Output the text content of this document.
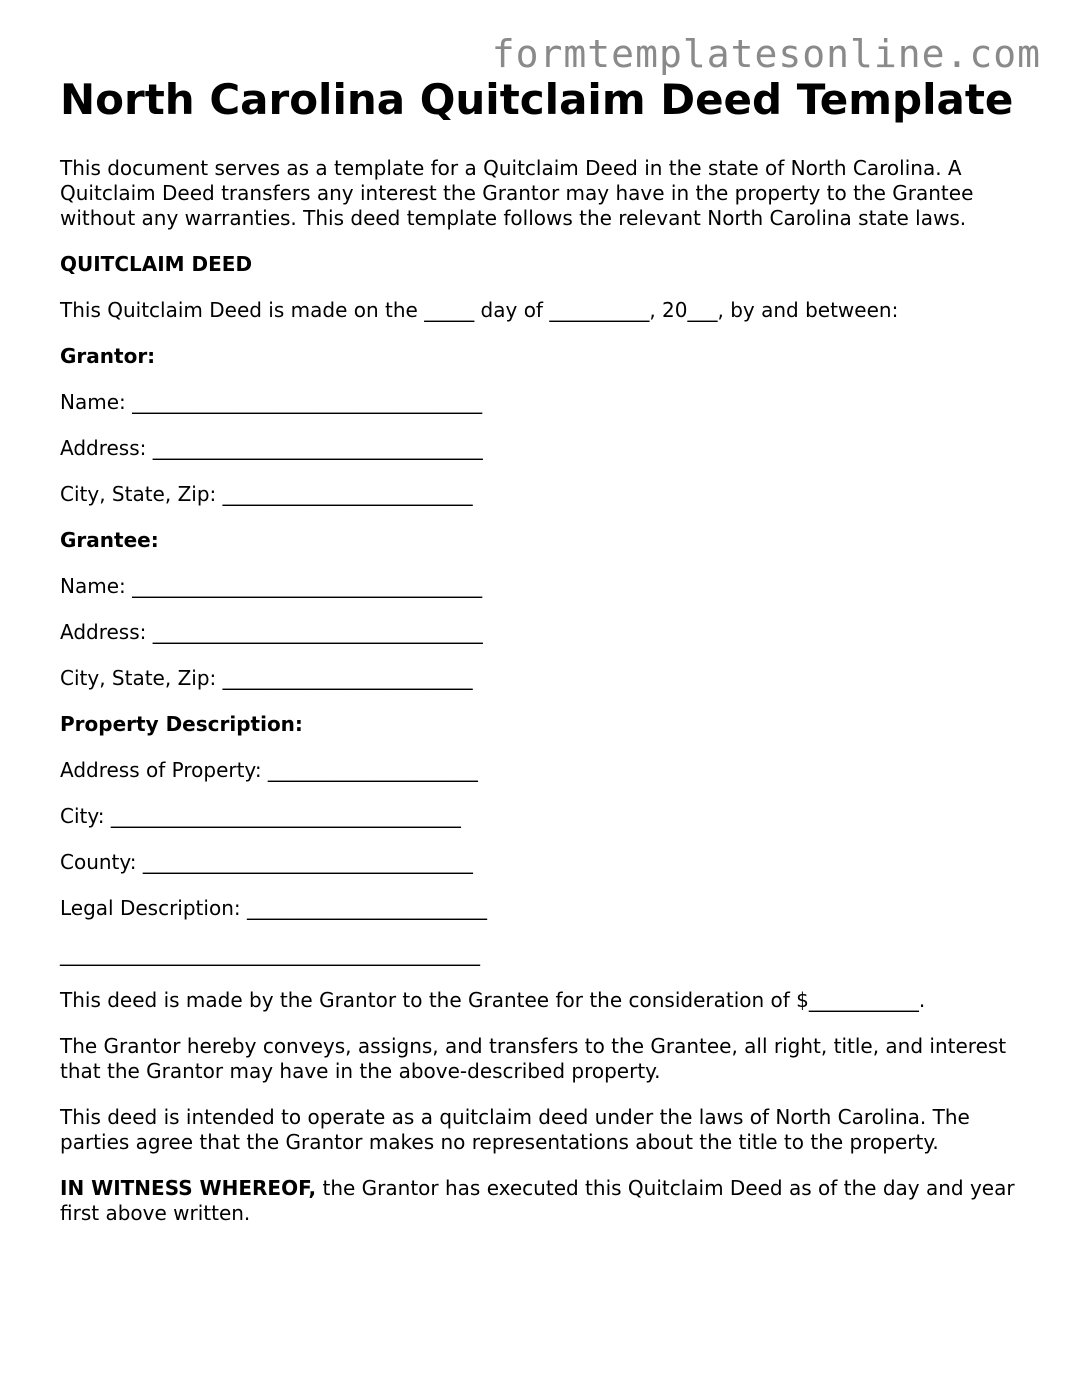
formtemplatesonline.com
North Carolina Quitclaim Deed Template
This document serves as a template for a Quitclaim Deed in the state of North Carolina. A Quitclaim Deed transfers any interest the Grantor may have in the property to the Grantee without any warranties. This deed template follows the relevant North Carolina state laws.
QUITCLAIM DEED
This Quitclaim Deed is made on the _____ day of __________, 20___, by and between:
Grantor:
Name: ___________________________________
Address: _________________________________
City, State, Zip: _________________________
Grantee:
Name: ___________________________________
Address: _________________________________
City, State, Zip: _________________________
Property Description:
Address of Property: _____________________
City: ___________________________________
County: _________________________________
Legal Description: ________________________
__________________________________________
This deed is made by the Grantor to the Grantee for the consideration of $___________.
The Grantor hereby conveys, assigns, and transfers to the Grantee, all right, title, and interest that the Grantor may have in the above-described property.
This deed is intended to operate as a quitclaim deed under the laws of North Carolina. The parties agree that the Grantor makes no representations about the title to the property.
IN WITNESS WHEREOF, the Grantor has executed this Quitclaim Deed as of the day and year first above written.
